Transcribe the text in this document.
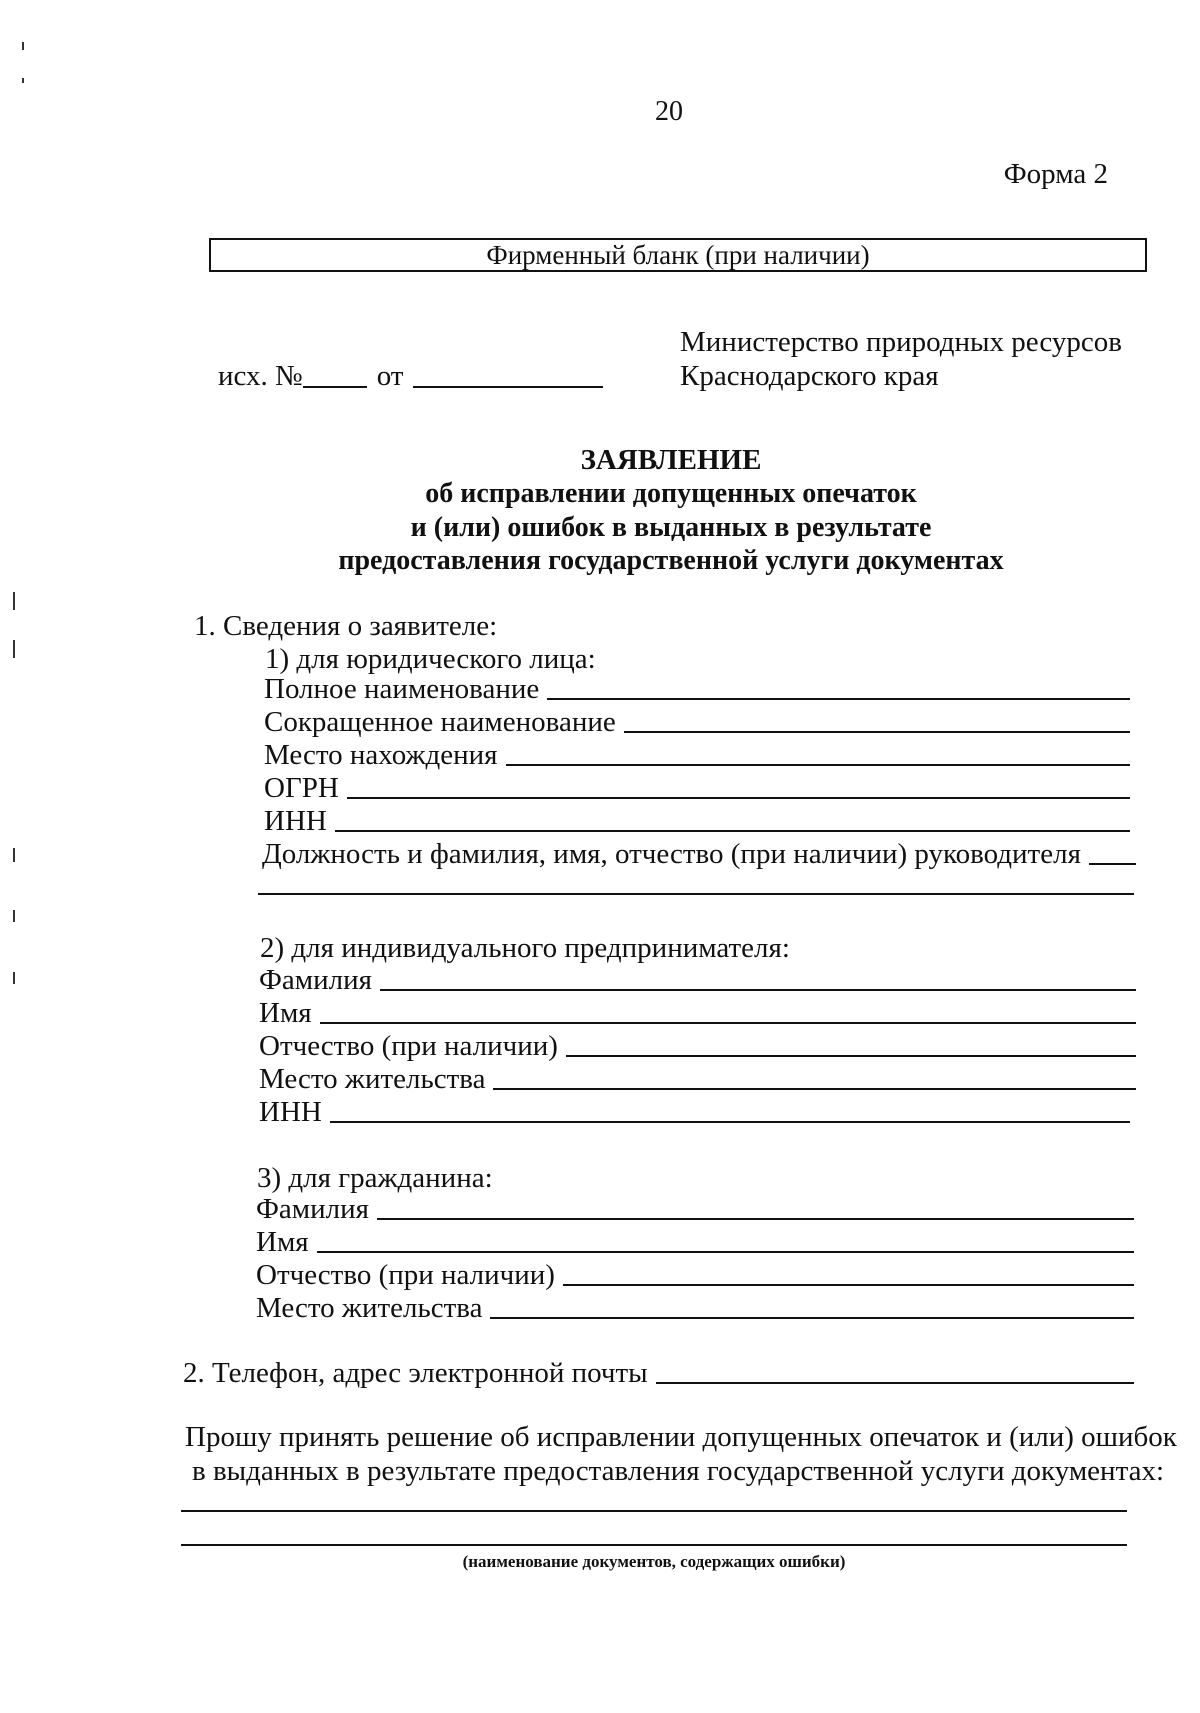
20
Форма 2
Фирменный бланк (при наличии)
исх. №	от
Министерство природных ресурсов
Краснодарского края
ЗАЯВЛЕНИЕ
об исправлении допущенных опечаток
и (или) ошибок в выданных в результате
предоставления государственной услуги документах
1. Сведения о заявителе:
1) для юридического лица:
Полное наименование
Сокращенное наименование
Место нахождения
ОГРН
ИНН
Должность и фамилия, имя, отчество (при наличии) руководителя
2) для индивидуального предпринимателя:
Фамилия
Имя
Отчество (при наличии)
Место жительства
ИНН
3) для гражданина:
Фамилия
Имя
Отчество (при наличии)
Место жительства
2. Телефон, адрес электронной почты
Прошу принять решение об исправлении допущенных опечаток и (или) ошибок
в выданных в результате предоставления государственной услуги документах:
(наименование документов, содержащих ошибки)
